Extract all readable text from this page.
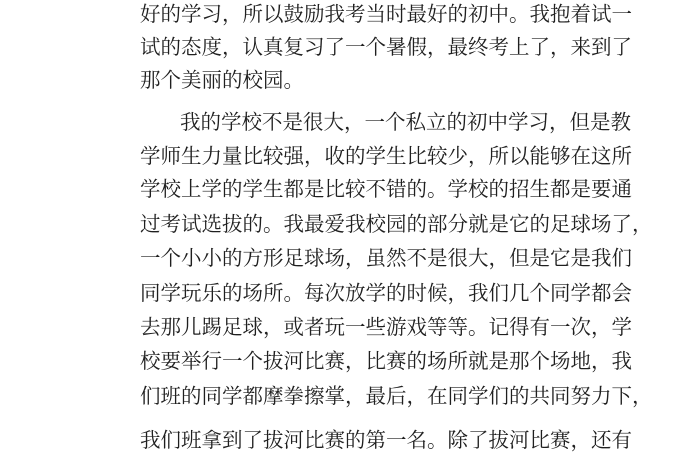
好的学习，所以鼓励我考当时最好的初中。我抱着试一
试的态度，认真复习了一个暑假，最终考上了，来到了
那个美丽的校园。
我的学校不是很大，一个私立的初中学习，但是教
学师生力量比较强，收的学生比较少，所以能够在这所
学校上学的学生都是比较不错的。学校的招生都是要通
过考试选拔的。我最爱我校园的部分就是它的足球场了，
一个小小的方形足球场，虽然不是很大，但是它是我们
同学玩乐的场所。每次放学的时候，我们几个同学都会
去那儿踢足球，或者玩一些游戏等等。记得有一次，学
校要举行一个拔河比赛，比赛的场所就是那个场地，我
们班的同学都摩拳擦掌，最后，在同学们的共同努力下，
我们班拿到了拔河比赛的第一名。除了拔河比赛，还有
